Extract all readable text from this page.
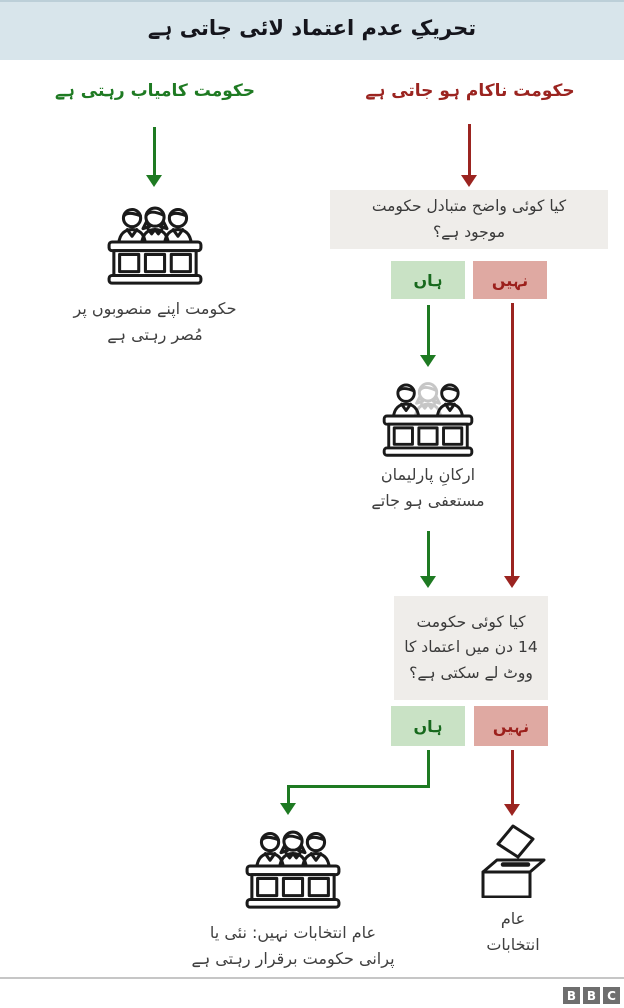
تحریکِ عدم اعتماد لائی جاتی ہے
حکومت کامیاب رہتی ہے	حکومت ناکام ہو جاتی ہے
حکومت اپنے منصوبوں پر
مُصر رہتی ہے
کیا کوئی واضح متبادل حکومت
موجود ہے؟
ہاں	نہیں
ارکانِ پارلیمان
مستعفی ہو جاتے
کیا کوئی حکومت
14 دن میں اعتماد کا
ووٹ لے سکتی ہے؟
ہاں	نہیں
عام انتخابات نہیں: نئی یا
پرانی حکومت برقرار رہتی ہے
عام
انتخابات
B B C
